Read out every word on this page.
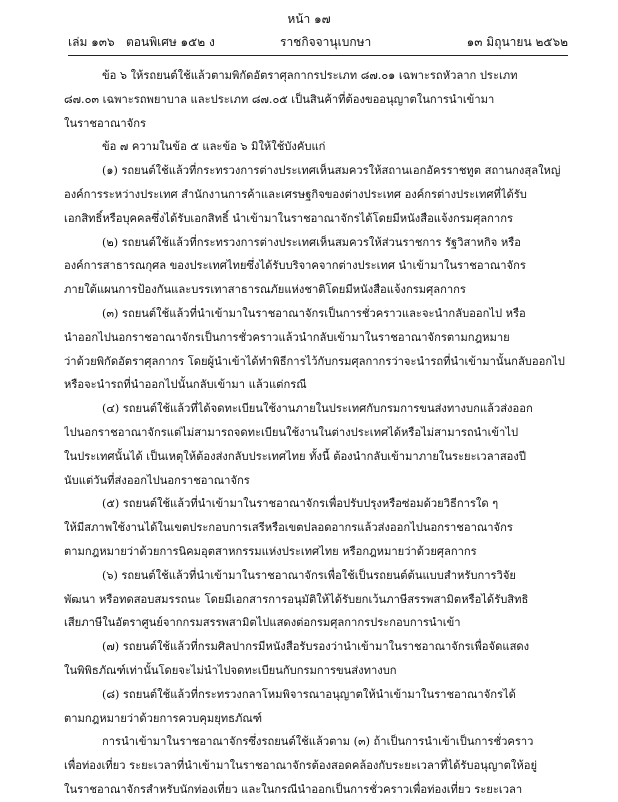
หน้า ๑๗
เล่ม ๑๓๖ ตอนพิเศษ ๑๕๒ ง	ราชกิจจานุเบกษา	๑๓ มิถุนายน ๒๕๖๒
ข้อ ๖ ให้รถยนต์ใช้แล้วตามพิกัดอัตราศุลกากรประเภท ๘๗.๐๑ เฉพาะรถหัวลาก ประเภท
๘๗.๐๓ เฉพาะรถพยาบาล และประเภท ๘๗.๐๕ เป็นสินค้าที่ต้องขออนุญาตในการนำเข้ามา
ในราชอาณาจักร
ข้อ ๗ ความในข้อ ๕ และข้อ ๖ มิให้ใช้บังคับแก่
(๑) รถยนต์ใช้แล้วที่กระทรวงการต่างประเทศเห็นสมควรให้สถานเอกอัครราชทูต สถานกงสุลใหญ่
องค์การระหว่างประเทศ สำนักงานการค้าและเศรษฐกิจของต่างประเทศ องค์กรต่างประเทศที่ได้รับ
เอกสิทธิ์หรือบุคคลซึ่งได้รับเอกสิทธิ์ นำเข้ามาในราชอาณาจักรได้โดยมีหนังสือแจ้งกรมศุลกากร
(๒) รถยนต์ใช้แล้วที่กระทรวงการต่างประเทศเห็นสมควรให้ส่วนราชการ รัฐวิสาหกิจ หรือ
องค์การสาธารณกุศล ของประเทศไทยซึ่งได้รับบริจาคจากต่างประเทศ นำเข้ามาในราชอาณาจักร
ภายใต้แผนการป้องกันและบรรเทาสาธารณภัยแห่งชาติโดยมีหนังสือแจ้งกรมศุลกากร
(๓) รถยนต์ใช้แล้วที่นำเข้ามาในราชอาณาจักรเป็นการชั่วคราวและจะนำกลับออกไป หรือ
นำออกไปนอกราชอาณาจักรเป็นการชั่วคราวแล้วนำกลับเข้ามาในราชอาณาจักรตามกฎหมาย
ว่าด้วยพิกัดอัตราศุลกากร โดยผู้นำเข้าได้ทำพิธีการไว้กับกรมศุลกากรว่าจะนำรถที่นำเข้ามานั้นกลับออกไป
หรือจะนำรถที่นำออกไปนั้นกลับเข้ามา แล้วแต่กรณี
(๔) รถยนต์ใช้แล้วที่ได้จดทะเบียนใช้งานภายในประเทศกับกรมการขนส่งทางบกแล้วส่งออก
ไปนอกราชอาณาจักรแต่ไม่สามารถจดทะเบียนใช้งานในต่างประเทศได้หรือไม่สามารถนำเข้าไป
ในประเทศนั้นได้ เป็นเหตุให้ต้องส่งกลับประเทศไทย ทั้งนี้ ต้องนำกลับเข้ามาภายในระยะเวลาสองปี
นับแต่วันที่ส่งออกไปนอกราชอาณาจักร
(๕) รถยนต์ใช้แล้วที่นำเข้ามาในราชอาณาจักรเพื่อปรับปรุงหรือซ่อมด้วยวิธีการใด ๆ
ให้มีสภาพใช้งานได้ในเขตประกอบการเสรีหรือเขตปลอดอากรแล้วส่งออกไปนอกราชอาณาจักร
ตามกฎหมายว่าด้วยการนิคมอุตสาหกรรมแห่งประเทศไทย หรือกฎหมายว่าด้วยศุลกากร
(๖) รถยนต์ใช้แล้วที่นำเข้ามาในราชอาณาจักรเพื่อใช้เป็นรถยนต์ต้นแบบสำหรับการวิจัย
พัฒนา หรือทดสอบสมรรถนะ โดยมีเอกสารการอนุมัติให้ได้รับยกเว้นภาษีสรรพสามิตหรือได้รับสิทธิ
เสียภาษีในอัตราศูนย์จากกรมสรรพสามิตไปแสดงต่อกรมศุลกากรประกอบการนำเข้า
(๗) รถยนต์ใช้แล้วที่กรมศิลปากรมีหนังสือรับรองว่านำเข้ามาในราชอาณาจักรเพื่อจัดแสดง
ในพิพิธภัณฑ์เท่านั้นโดยจะไม่นำไปจดทะเบียนกับกรมการขนส่งทางบก
(๘) รถยนต์ใช้แล้วที่กระทรวงกลาโหมพิจารณาอนุญาตให้นำเข้ามาในราชอาณาจักรได้
ตามกฎหมายว่าด้วยการควบคุมยุทธภัณฑ์
การนำเข้ามาในราชอาณาจักรซึ่งรถยนต์ใช้แล้วตาม (๓) ถ้าเป็นการนำเข้าเป็นการชั่วคราว
เพื่อท่องเที่ยว ระยะเวลาที่นำเข้ามาในราชอาณาจักรต้องสอดคล้องกับระยะเวลาที่ได้รับอนุญาตให้อยู่
ในราชอาณาจักรสำหรับนักท่องเที่ยว และในกรณีนำออกเป็นการชั่วคราวเพื่อท่องเที่ยว ระยะเวลา
